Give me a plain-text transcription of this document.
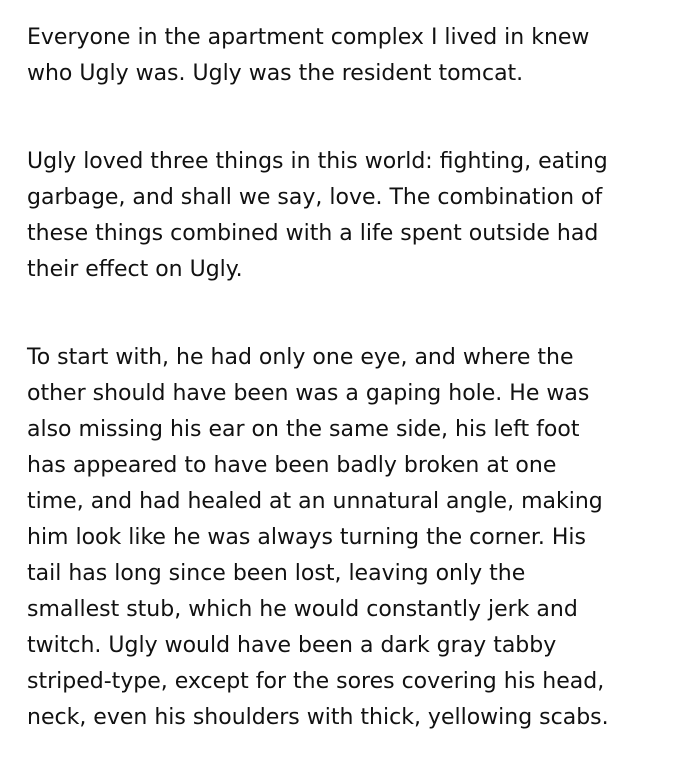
Everyone in the apartment complex I lived in knew
who Ugly was. Ugly was the resident tomcat.

Ugly loved three things in this world: fighting, eating
garbage, and shall we say, love. The combination of
these things combined with a life spent outside had
their effect on Ugly.

To start with, he had only one eye, and where the
other should have been was a gaping hole. He was
also missing his ear on the same side, his left foot
has appeared to have been badly broken at one
time, and had healed at an unnatural angle, making
him look like he was always turning the corner. His
tail has long since been lost, leaving only the
smallest stub, which he would constantly jerk and
twitch. Ugly would have been a dark gray tabby
striped-type, except for the sores covering his head,
neck, even his shoulders with thick, yellowing scabs.
